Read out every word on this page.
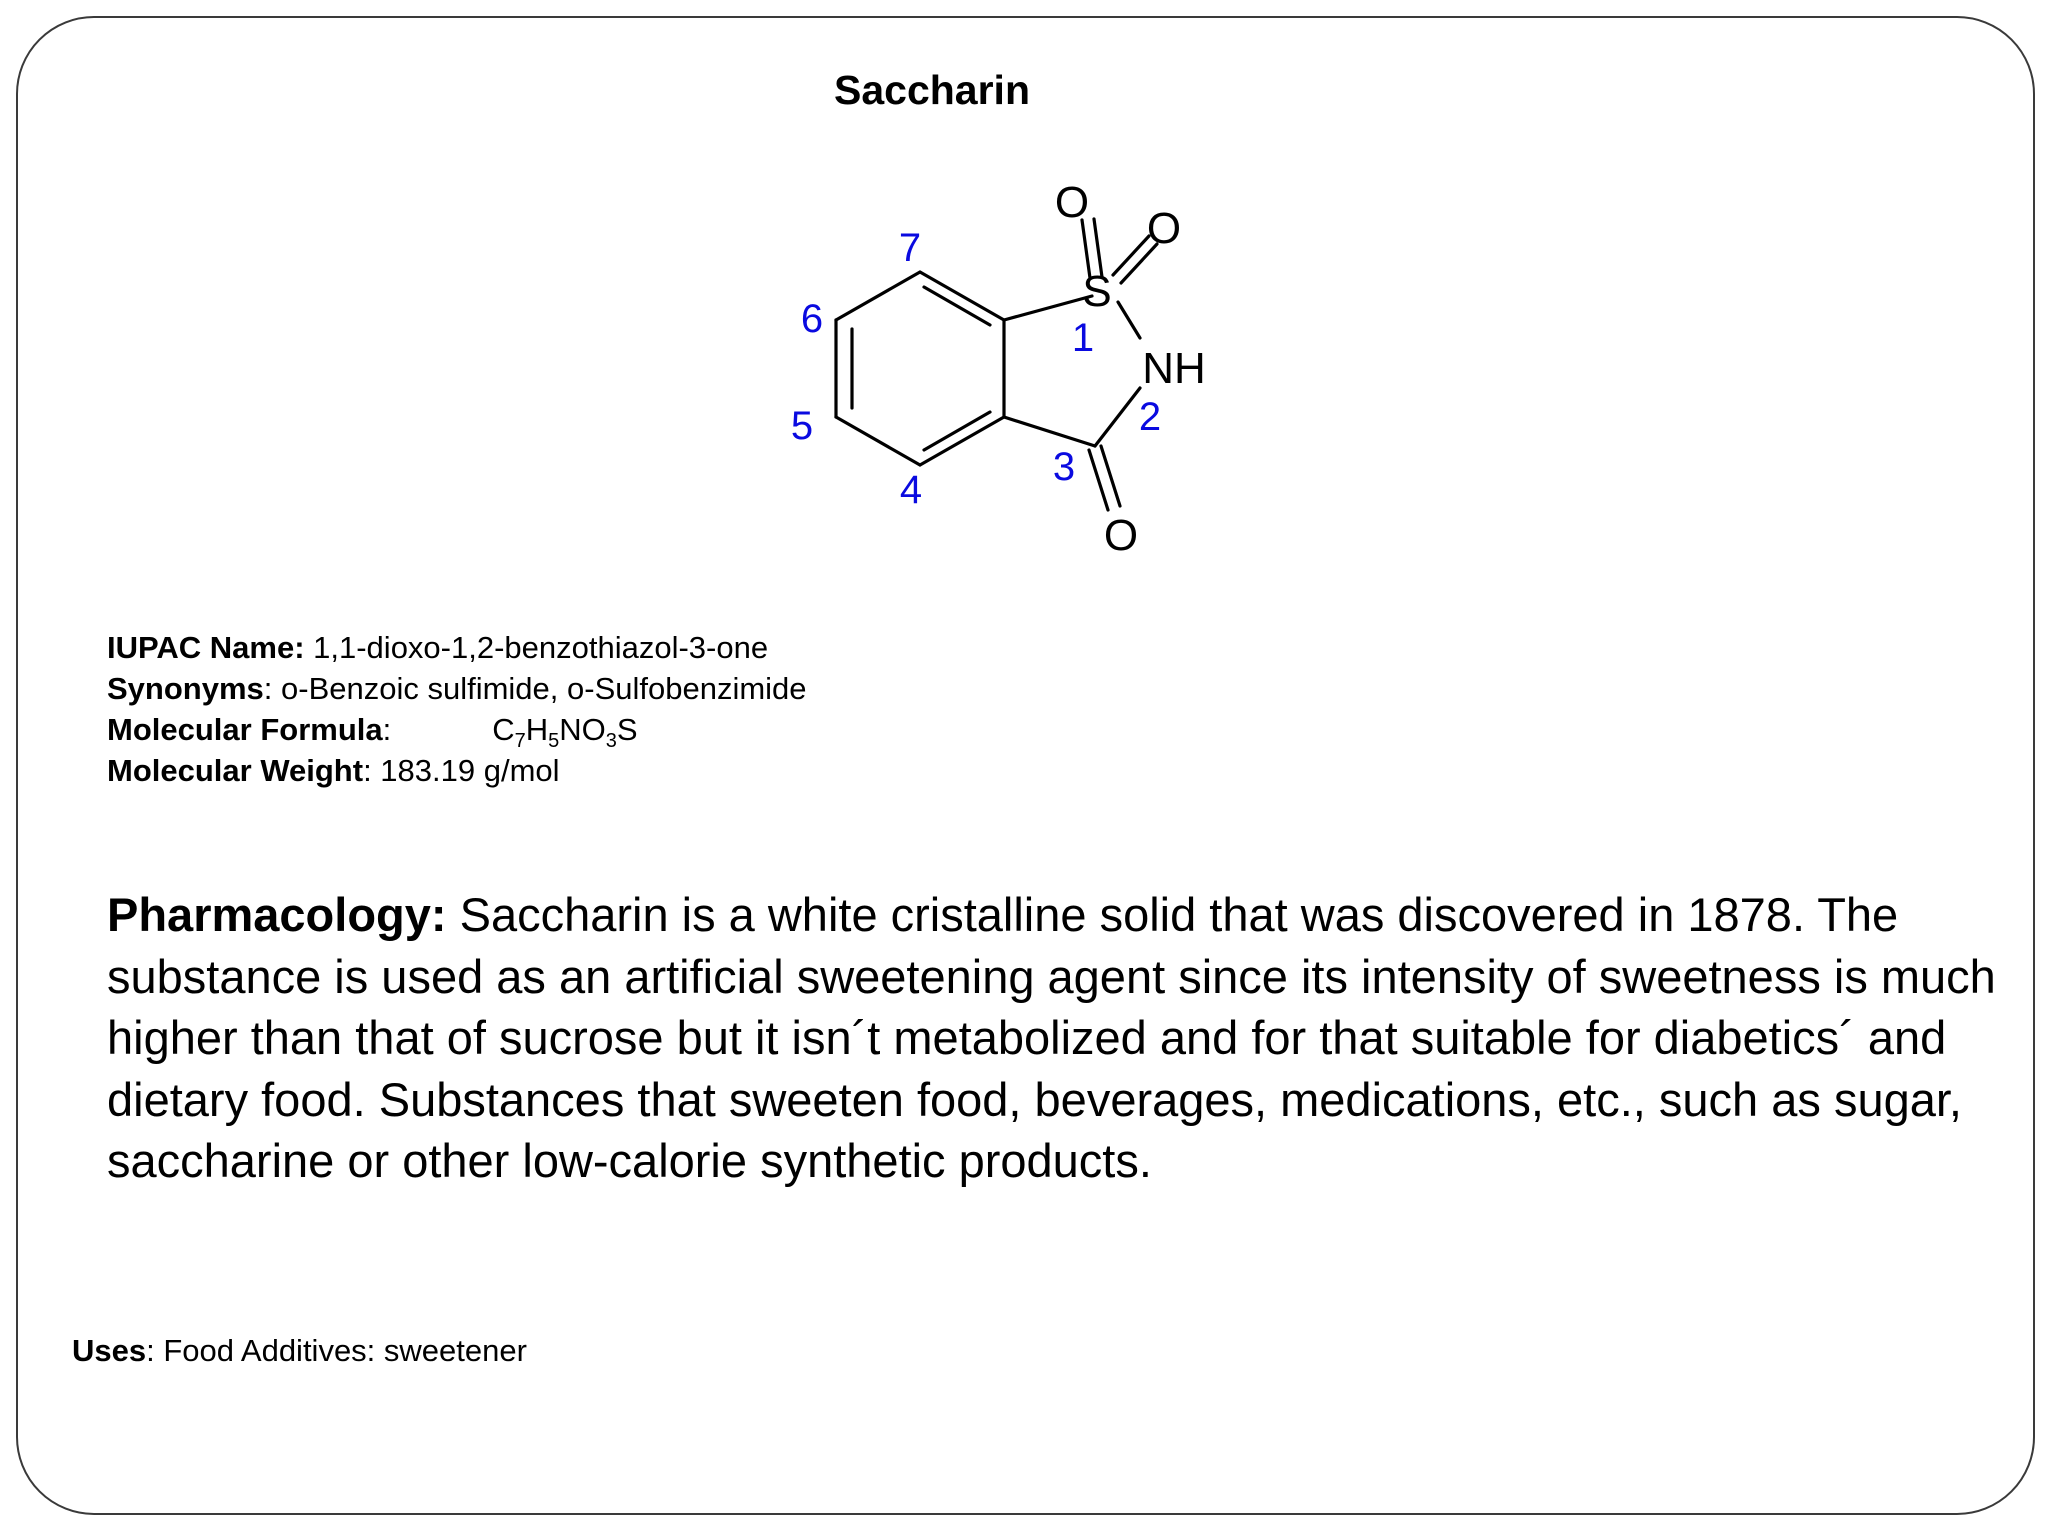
Saccharin
O
O
S
NH
O
1
2
3
4
5
6
7
IUPAC Name: 1,1-dioxo-1,2-benzothiazol-3-one
Synonyms: o-Benzoic sulfimide, o-Sulfobenzimide
Molecular Formula:	$C_7H_5NO_3S$
Molecular Weight: 183.19 g/mol
Pharmacology: Saccharin is a white cristalline solid that was discovered in 1878. The substance is used as an artificial sweetening agent since its intensity of sweetness is much higher than that of sucrose but it isn´t metabolized and for that suitable for diabetics´ and dietary food. Substances that sweeten food, beverages, medications, etc., such as sugar, saccharine or other low-calorie synthetic products.
Uses: Food Additives: sweetener
